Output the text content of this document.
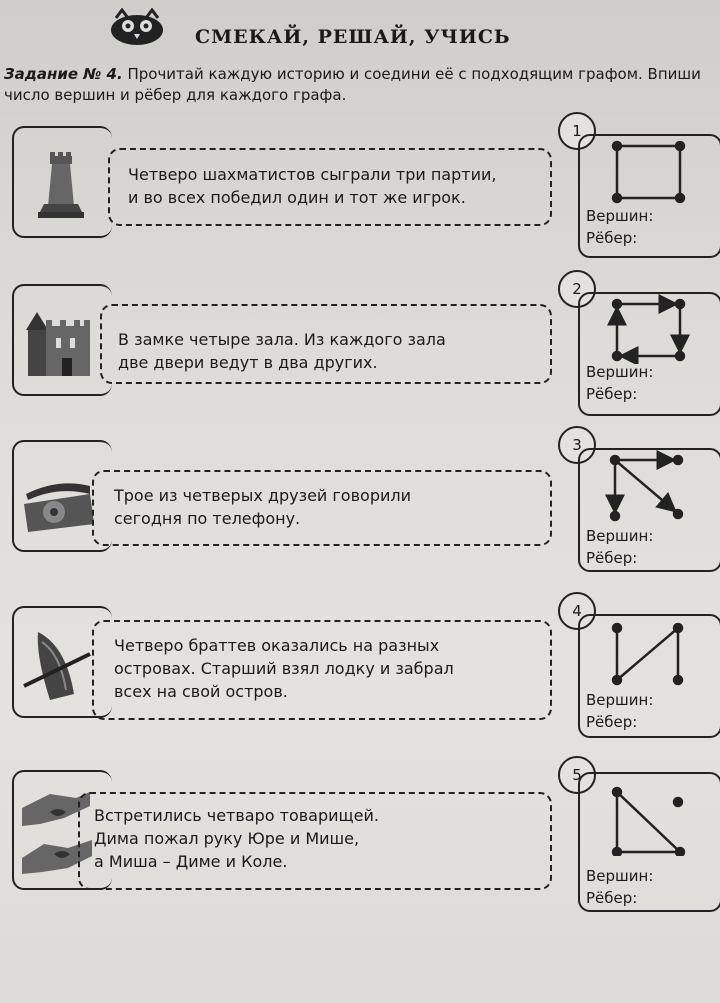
СМЕКАЙ, РЕШАЙ, УЧИСЬ
Задание № 4. Прочитай каждую историю и соедини её с подходящим графом. Впиши число вершин и рёбер для каждого графа.
Четверо шахматистов сыграли три партии,
и во всех победил один и тот же игрок.
1
Вершин:
Рёбер:
В замке четыре зала. Из каждого зала
две двери ведут в два других.
2
Вершин:
Рёбер:
Трое из четверых друзей говорили
сегодня по телефону.
3
Вершин:
Рёбер:
Четверо браттев оказались на разных
островах. Старший взял лодку и забрал
всех на свой остров.
4
Вершин:
Рёбер:
Встретились четваро товарищей.
Дима пожал руку Юре и Мише,
а Миша – Диме и Коле.
5
Вершин:
Рёбер:
